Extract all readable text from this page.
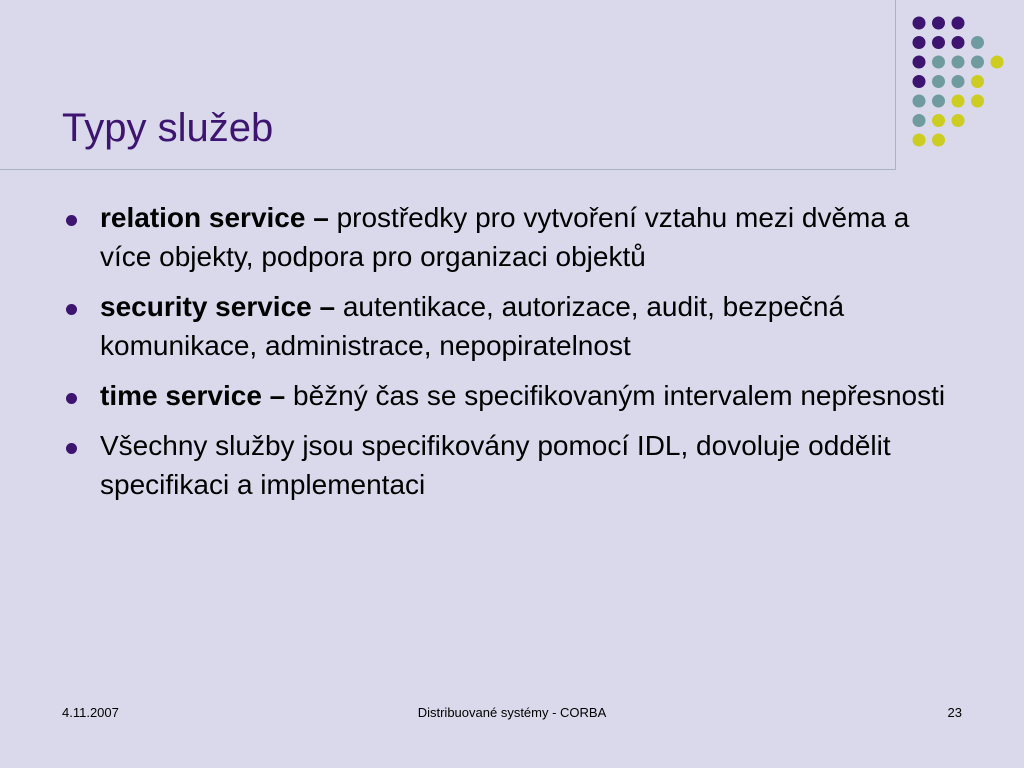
Typy služeb
relation service – prostředky pro vytvoření vztahu mezi dvěma a více objekty, podpora pro organizaci objektů
security service – autentikace, autorizace, audit, bezpečná komunikace, administrace, nepopiratelnost
time service – běžný čas se specifikovaným intervalem nepřesnosti
Všechny služby jsou specifikovány pomocí IDL, dovoluje oddělit specifikaci a implementaci
4.11.2007	Distribuované systémy - CORBA	23
